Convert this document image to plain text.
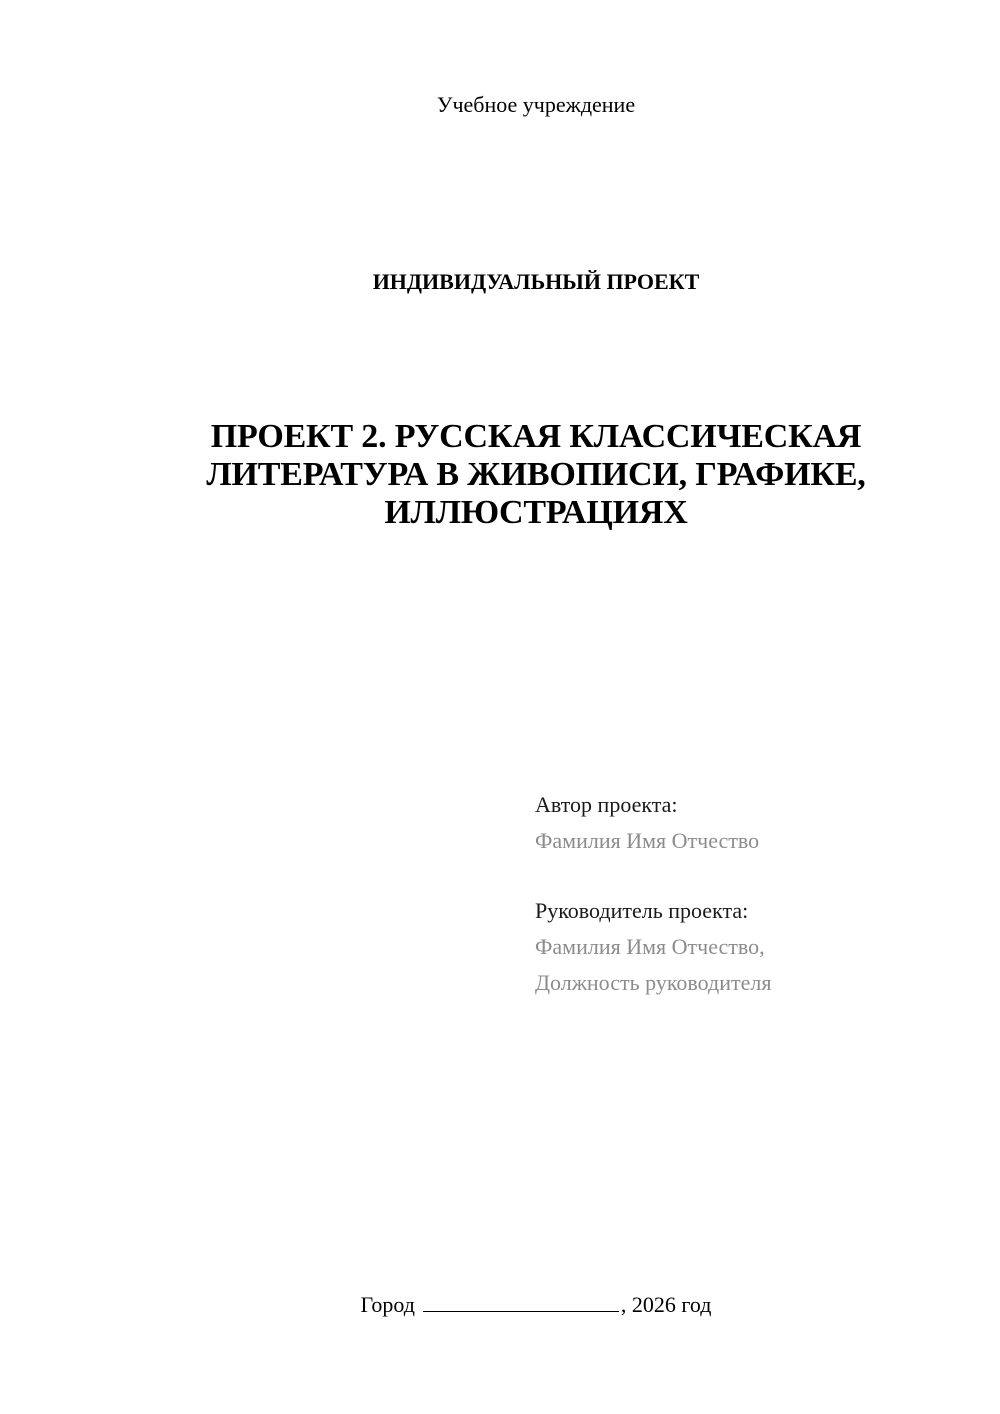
Учебное учреждение

ИНДИВИДУАЛЬНЫЙ ПРОЕКТ

ПРОЕКТ 2. РУССКАЯ КЛАССИЧЕСКАЯ
ЛИТЕРАТУРА В ЖИВОПИСИ, ГРАФИКЕ,
ИЛЛЮСТРАЦИЯХ

Автор проекта:

Фамилия Имя Отчество

Руководитель проекта:

Фамилия Имя Отчество,

Должность руководителя

Город	, 2026 год
